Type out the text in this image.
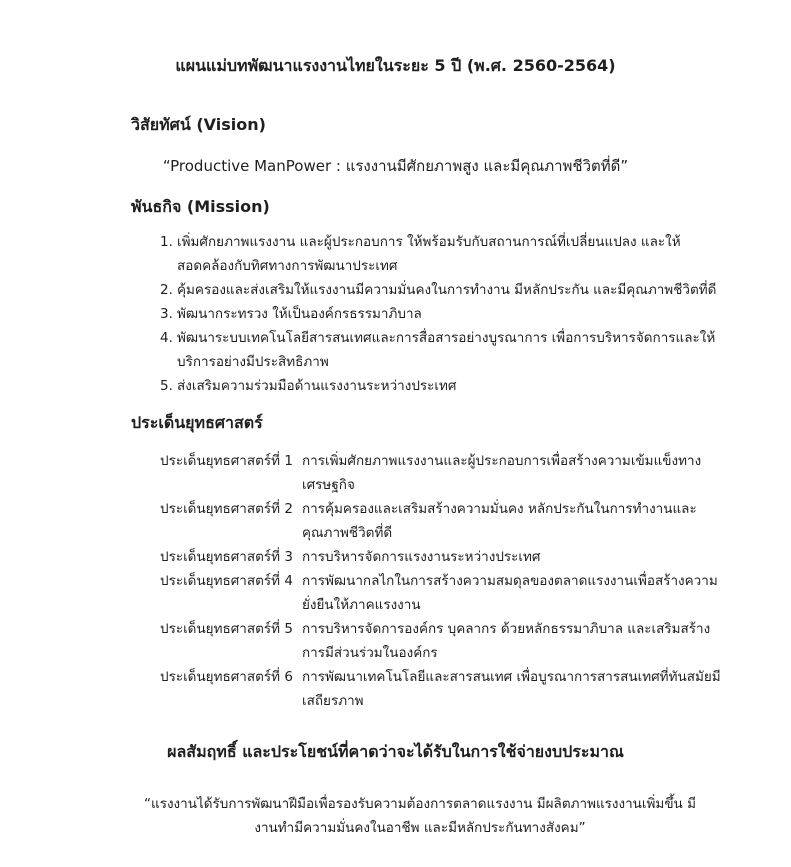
แผนแม่บทพัฒนาแรงงานไทยในระยะ 5 ปี (พ.ศ. 2560-2564)
วิสัยทัศน์ (Vision)
“Productive ManPower : แรงงานมีศักยภาพสูง และมีคุณภาพชีวิตที่ดี”
พันธกิจ (Mission)
1. เพิ่มศักยภาพแรงงาน และผู้ประกอบการ ให้พร้อมรับกับสถานการณ์ที่เปลี่ยนแปลง และให้สอดคล้องกับทิศทางการพัฒนาประเทศ
2. คุ้มครองและส่งเสริมให้แรงงานมีความมั่นคงในการทำงาน มีหลักประกัน และมีคุณภาพชีวิตที่ดี
3. พัฒนากระทรวง ให้เป็นองค์กรธรรมาภิบาล
4. พัฒนาระบบเทคโนโลยีสารสนเทศและการสื่อสารอย่างบูรณาการ เพื่อการบริหารจัดการและให้บริการอย่างมีประสิทธิภาพ
5. ส่งเสริมความร่วมมือด้านแรงงานระหว่างประเทศ
ประเด็นยุทธศาสตร์
ประเด็นยุทธศาสตร์ที่ 1 การเพิ่มศักยภาพแรงงานและผู้ประกอบการเพื่อสร้างความเข้มแข็งทางเศรษฐกิจ
ประเด็นยุทธศาสตร์ที่ 2 การคุ้มครองและเสริมสร้างความมั่นคง หลักประกันในการทำงานและคุณภาพชีวิตที่ดี
ประเด็นยุทธศาสตร์ที่ 3 การบริหารจัดการแรงงานระหว่างประเทศ
ประเด็นยุทธศาสตร์ที่ 4 การพัฒนากลไกในการสร้างความสมดุลของตลาดแรงงานเพื่อสร้างความยั่งยืนให้ภาคแรงงาน
ประเด็นยุทธศาสตร์ที่ 5 การบริหารจัดการองค์กร บุคลากร ด้วยหลักธรรมาภิบาล และเสริมสร้างการมีส่วนร่วมในองค์กร
ประเด็นยุทธศาสตร์ที่ 6 การพัฒนาเทคโนโลยีและสารสนเทศ เพื่อบูรณาการสารสนเทศที่ทันสมัยมีเสถียรภาพ
ผลสัมฤทธิ์ และประโยชน์ที่คาดว่าจะได้รับในการใช้จ่ายงบประมาณ
“แรงงานได้รับการพัฒนาฝีมือเพื่อรองรับความต้องการตลาดแรงงาน มีผลิตภาพแรงงานเพิ่มขึ้น มีงานทำมีความมั่นคงในอาชีพ และมีหลักประกันทางสังคม”
